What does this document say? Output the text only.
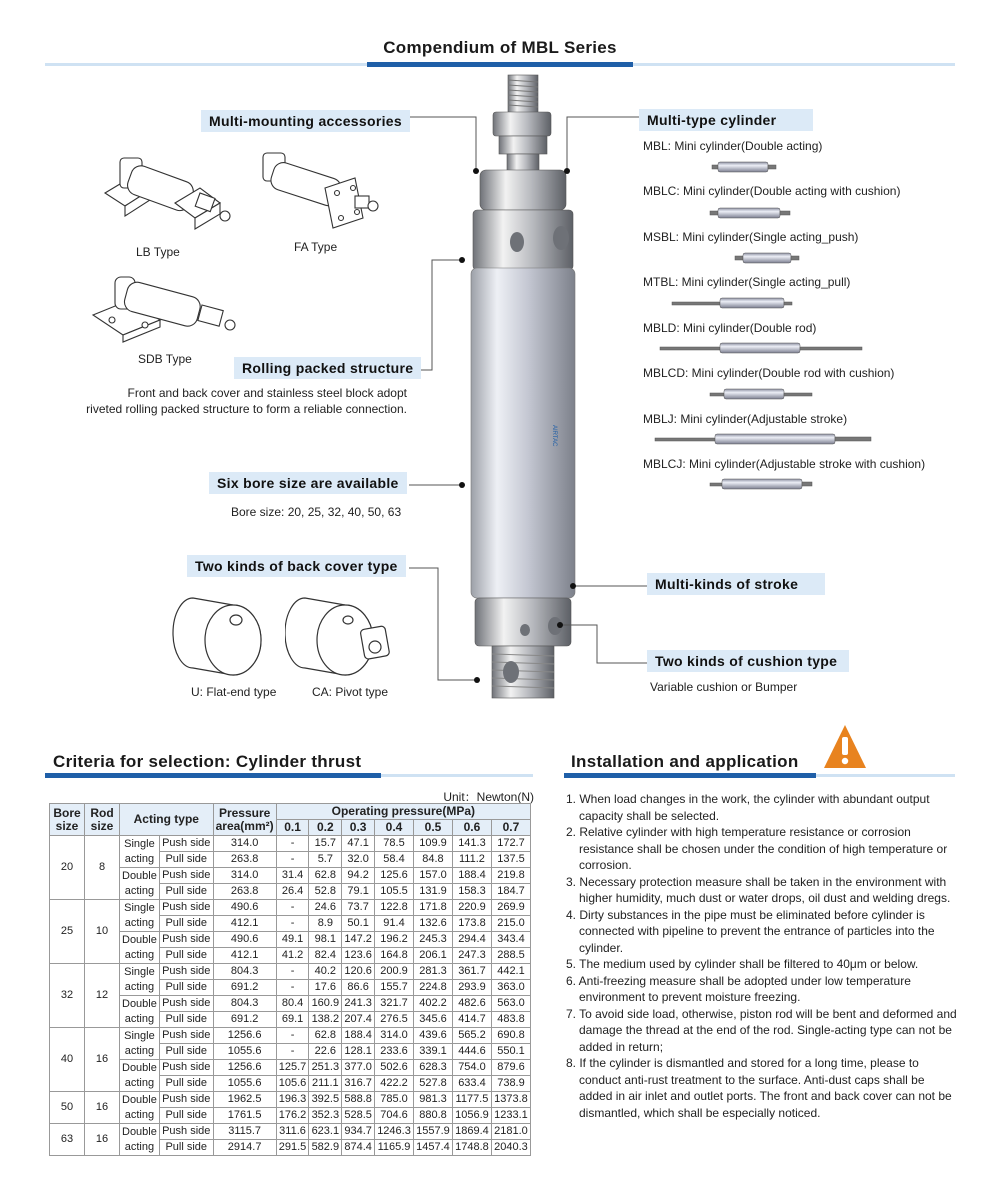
Compendium of MBL Series
AIRTAC
Multi-mounting accessories
LB Type	FA Type
SDB Type
Rolling packed structure
Front and back cover and stainless steel block adopt
riveted rolling packed structure to form a reliable connection.
Six bore size are available
Bore size: 20, 25, 32, 40, 50, 63
Two kinds of back cover type
U: Flat-end type	CA: Pivot type
Multi-type cylinder
MBL: Mini cylinder(Double acting)
MBLC: Mini cylinder(Double acting with cushion)
MSBL: Mini cylinder(Single acting_push)
MTBL: Mini cylinder(Single acting_pull)
MBLD: Mini cylinder(Double rod)
MBLCD: Mini cylinder(Double rod with cushion)
MBLJ: Mini cylinder(Adjustable stroke)
MBLCJ: Mini cylinder(Adjustable stroke with cushion)
Multi-kinds of stroke
Two kinds of cushion type
Variable cushion or Bumper
Criteria for selection: Cylinder thrust
Unit：Newton(N)
Bore size	Rod size	Acting type		Pressure area(mm²)	Operating pressure(MPa)						
					0.1	0.2	0.3	0.4	0.5	0.6	0.7
20	8	Single acting	Push side	314.0	-	15.7	47.1	78.5	109.9	141.3	172.7
			Pull side	263.8	-	5.7	32.0	58.4	84.8	111.2	137.5
		Double acting	Push side	314.0	31.4	62.8	94.2	125.6	157.0	188.4	219.8
			Pull side	263.8	26.4	52.8	79.1	105.5	131.9	158.3	184.7
25	10	Single acting	Push side	490.6	-	24.6	73.7	122.8	171.8	220.9	269.9
			Pull side	412.1	-	8.9	50.1	91.4	132.6	173.8	215.0
		Double acting	Push side	490.6	49.1	98.1	147.2	196.2	245.3	294.4	343.4
			Pull side	412.1	41.2	82.4	123.6	164.8	206.1	247.3	288.5
32	12	Single acting	Push side	804.3	-	40.2	120.6	200.9	281.3	361.7	442.1
			Pull side	691.2	-	17.6	86.6	155.7	224.8	293.9	363.0
		Double acting	Push side	804.3	80.4	160.9	241.3	321.7	402.2	482.6	563.0
			Pull side	691.2	69.1	138.2	207.4	276.5	345.6	414.7	483.8
40	16	Single acting	Push side	1256.6	-	62.8	188.4	314.0	439.6	565.2	690.8
			Pull side	1055.6	-	22.6	128.1	233.6	339.1	444.6	550.1
		Double acting	Push side	1256.6	125.7	251.3	377.0	502.6	628.3	754.0	879.6
			Pull side	1055.6	105.6	211.1	316.7	422.2	527.8	633.4	738.9
50	16	Double acting	Push side	1962.5	196.3	392.5	588.8	785.0	981.3	1177.5	1373.8
			Pull side	1761.5	176.2	352.3	528.5	704.6	880.8	1056.9	1233.1
63	16	Double acting	Push side	3115.7	311.6	623.1	934.7	1246.3	1557.9	1869.4	2181.0
			Pull side	2914.7	291.5	582.9	874.4	1165.9	1457.4	1748.8	2040.3
Installation and application
1. When load changes in the work, the cylinder with abundant output capacity shall be selected.
2. Relative cylinder with high temperature resistance or corrosion resistance shall be chosen under the condition of high temperature or corrosion.
3. Necessary protection measure shall be taken in the environment with higher humidity, much dust or water drops, oil dust and welding dregs.
4. Dirty substances in the pipe must be eliminated before cylinder is connected with pipeline to prevent the entrance of particles into the cylinder.
5. The medium used by cylinder shall be filtered to 40μm or below.
6. Anti-freezing measure shall be adopted under low temperature environment to prevent moisture freezing.
7. To avoid side load, otherwise, piston rod will be bent and deformed and damage the thread at the end of the rod. Single-acting type can not be added in return;
8. If the cylinder is dismantled and stored for a long time, please to conduct anti-rust treatment to the surface. Anti-dust caps shall be added in air inlet and outlet ports. The front and back cover can not be dismantled, which shall be especially noticed.
